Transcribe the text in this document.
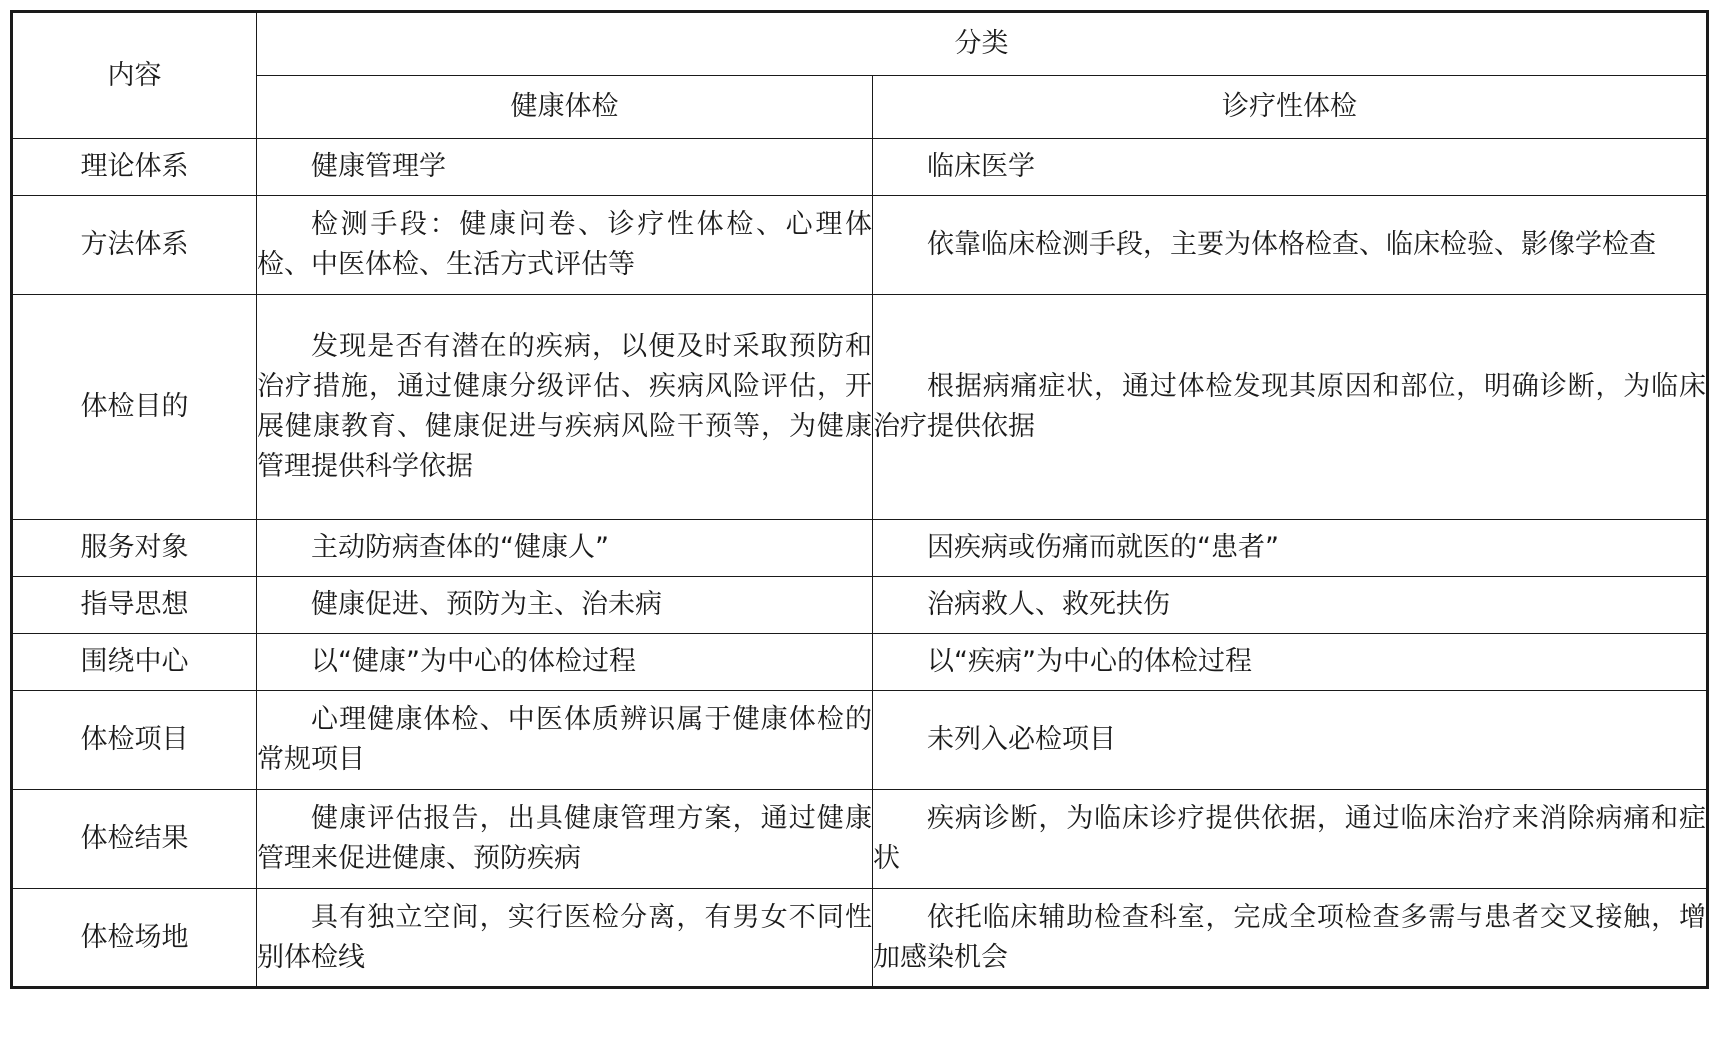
内容	分类	
	健康体检	诊疗性体检
理论体系	健康管理学	临床医学
方法体系	检测手段：健康问卷、诊疗性体检、心理体检、中医体检、生活方式评估等	依靠临床检测手段，主要为体格检查、临床检验、影像学检查
体检目的	发现是否有潜在的疾病，以便及时采取预防和治疗措施，通过健康分级评估、疾病风险评估，开展健康教育、健康促进与疾病风险干预等，为健康管理提供科学依据	根据病痛症状，通过体检发现其原因和部位，明确诊断，为临床治疗提供依据
服务对象	主动防病查体的“健康人”	因疾病或伤痛而就医的“患者”
指导思想	健康促进、预防为主、治未病	治病救人、救死扶伤
围绕中心	以“健康”为中心的体检过程	以“疾病”为中心的体检过程
体检项目	心理健康体检、中医体质辨识属于健康体检的常规项目	未列入必检项目
体检结果	健康评估报告，出具健康管理方案，通过健康管理来促进健康、预防疾病	疾病诊断，为临床诊疗提供依据，通过临床治疗来消除病痛和症状
体检场地	具有独立空间，实行医检分离，有男女不同性别体检线	依托临床辅助检查科室，完成全项检查多需与患者交叉接触，增加感染机会
